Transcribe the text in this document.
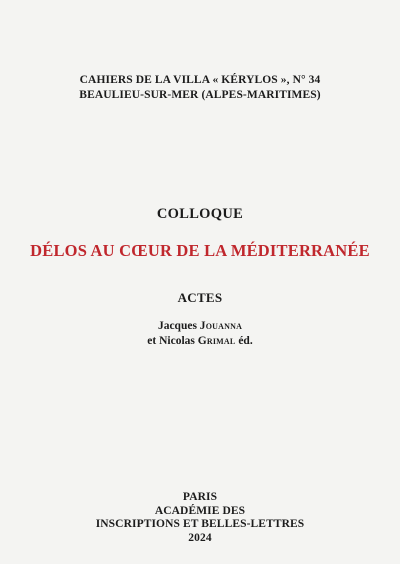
CAHIERS DE LA VILLA « KÉRYLOS », N° 34
BEAULIEU-SUR-MER (ALPES-MARITIMES)
COLLOQUE
DÉLOS AU CŒUR DE LA MÉDITERRANÉE
ACTES
Jacques Jouanna
et Nicolas Grimal éd.
PARIS
ACADÉMIE DES
INSCRIPTIONS ET BELLES-LETTRES
2024
